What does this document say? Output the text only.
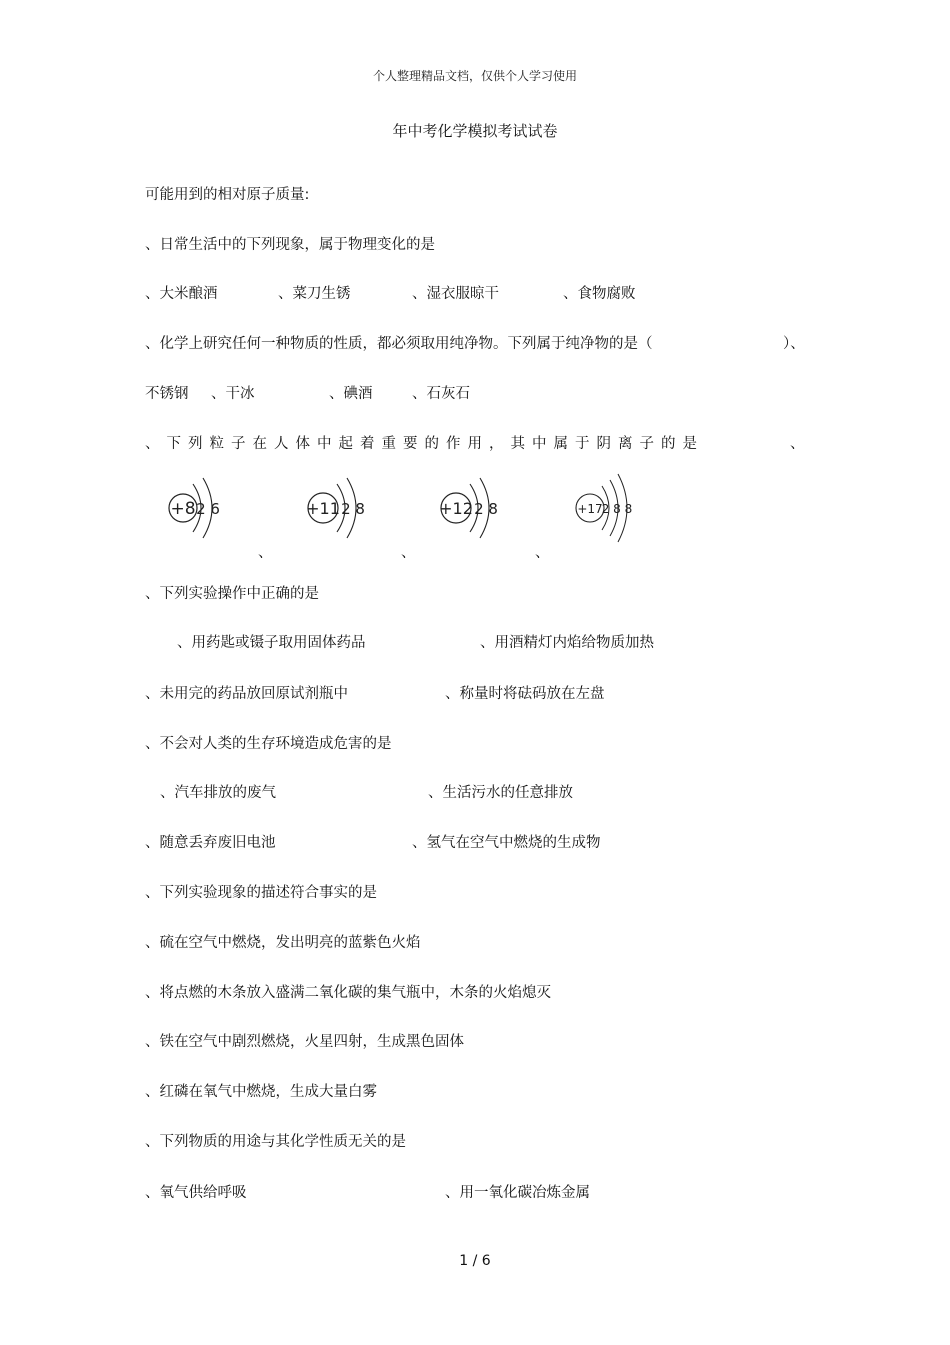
个人整理精品文档，仅供个人学习使用
年中考化学模拟考试试卷
可能用到的相对原子质量:
、日常生活中的下列现象，属于物理变化的是
、大米酿酒	、菜刀生锈	、湿衣服晾干	、食物腐败
、化学上研究任何一种物质的性质，都必须取用纯净物。下列属于纯净物的是（	）、
不锈钢 、干冰	、碘酒	、石灰石
、下列粒子在人体中起着重要的作用，其中属于阴离子的是	、
+8 2 6	+11 2 8	+12 2 8	+17 2 8 8
、	、	、
、下列实验操作中正确的是
、用药匙或镊子取用固体药品	、用酒精灯内焰给物质加热
、未用完的药品放回原试剂瓶中	、称量时将砝码放在左盘
、不会对人类的生存环境造成危害的是
、汽车排放的废气	、生活污水的任意排放
、随意丢弃废旧电池	、氢气在空气中燃烧的生成物
、下列实验现象的描述符合事实的是
、硫在空气中燃烧，发出明亮的蓝紫色火焰
、将点燃的木条放入盛满二氧化碳的集气瓶中，木条的火焰熄灭
、铁在空气中剧烈燃烧，火星四射，生成黑色固体
、红磷在氧气中燃烧，生成大量白雾
、下列物质的用途与其化学性质无关的是
、氧气供给呼吸	、用一氧化碳冶炼金属
1 / 6
